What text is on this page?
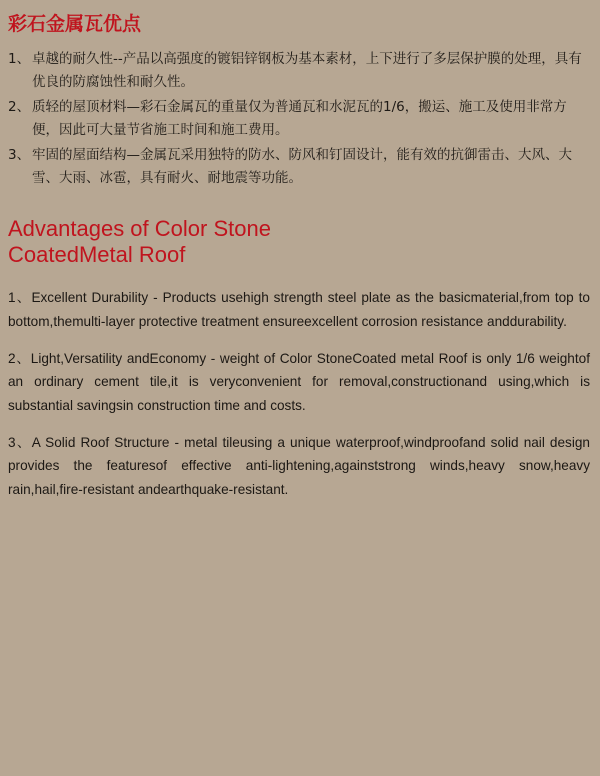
彩石金属瓦优点
1、 卓越的耐久性--产品以高强度的镀铝锌钢板为基本素材，上下进行了多层保护膜的处理，具有优良的防腐蚀性和耐久性。
2、 质轻的屋顶材料—彩石金属瓦的重量仅为普通瓦和水泥瓦的1/6，搬运、施工及使用非常方便，因此可大量节省施工时间和施工费用。
3、 牢固的屋面结构—金属瓦采用独特的防水、防风和钉固设计，能有效的抗御雷击、大风、大雪、大雨、冰雹，具有耐火、耐地震等功能。
Advantages of Color Stone
CoatedMetal Roof

1、Excellent Durability - Products usehigh strength steel plate as the basicmaterial,from top to bottom,themulti-layer protective treatment ensureexcellent corrosion resistance anddurability.

2、Light,Versatility andEconomy - weight of Color StoneCoated metal Roof is only 1/6 weightof an ordinary cement tile,it is veryconvenient for removal,constructionand using,which is substantial savingsin construction time and costs.

3、A Solid Roof Structure - metal tileusing a unique waterproof,windproofand solid nail design provides the featuresof effective anti-lightening,againststrong winds,heavy snow,heavy rain,hail,fire-resistant andearthquake-resistant.
